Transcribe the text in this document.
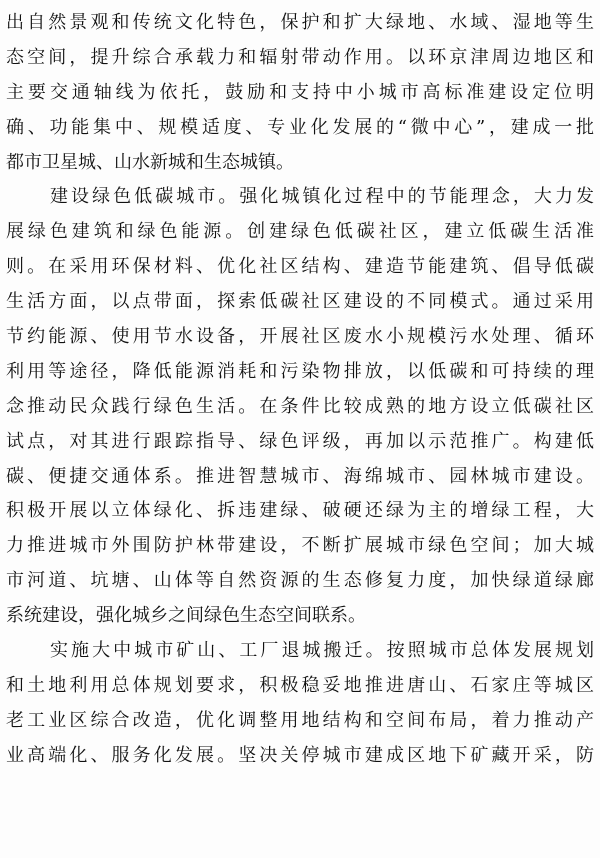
出自然景观和传统文化特色，保护和扩大绿地、水域、湿地等生
态空间，提升综合承载力和辐射带动作用。以环京津周边地区和
主要交通轴线为依托，鼓励和支持中小城市高标准建设定位明
确、功能集中、规模适度、专业化发展的“微中心”，建成一批
都市卫星城、山水新城和生态城镇。
建设绿色低碳城市。强化城镇化过程中的节能理念，大力发
展绿色建筑和绿色能源。创建绿色低碳社区，建立低碳生活准
则。在采用环保材料、优化社区结构、建造节能建筑、倡导低碳
生活方面，以点带面，探索低碳社区建设的不同模式。通过采用
节约能源、使用节水设备，开展社区废水小规模污水处理、循环
利用等途径，降低能源消耗和污染物排放，以低碳和可持续的理
念推动民众践行绿色生活。在条件比较成熟的地方设立低碳社区
试点，对其进行跟踪指导、绿色评级，再加以示范推广。构建低
碳、便捷交通体系。推进智慧城市、海绵城市、园林城市建设。
积极开展以立体绿化、拆违建绿、破硬还绿为主的增绿工程，大
力推进城市外围防护林带建设，不断扩展城市绿色空间；加大城
市河道、坑塘、山体等自然资源的生态修复力度，加快绿道绿廊
系统建设，强化城乡之间绿色生态空间联系。
实施大中城市矿山、工厂退城搬迁。按照城市总体发展规划
和土地利用总体规划要求，积极稳妥地推进唐山、石家庄等城区
老工业区综合改造，优化调整用地结构和空间布局，着力推动产
业高端化、服务化发展。坚决关停城市建成区地下矿藏开采，防
